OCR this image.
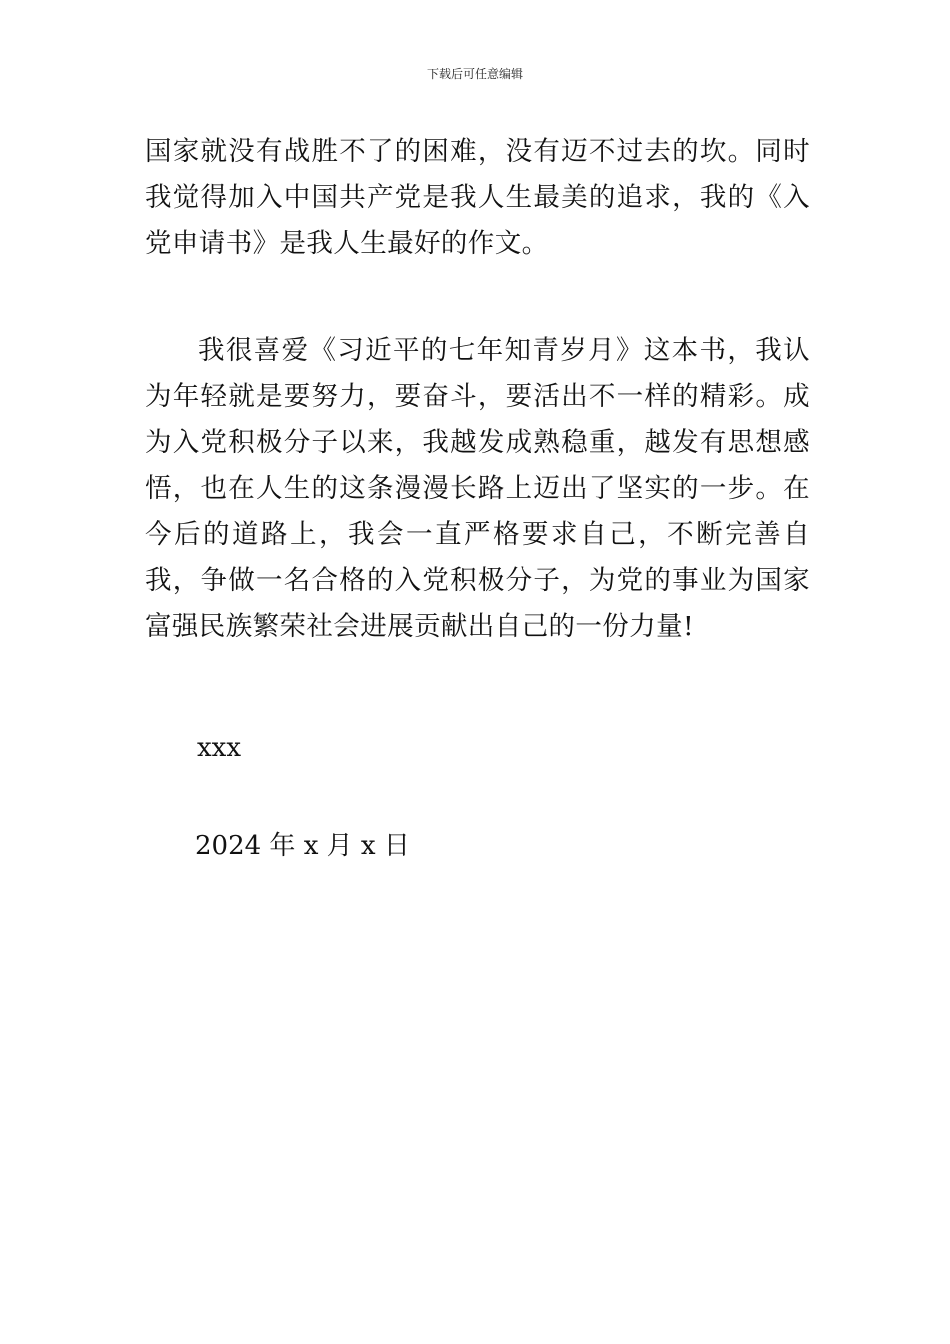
下载后可任意编辑

国家就没有战胜不了的困难，没有迈不过去的坎。同时我觉得加入中国共产党是我人生最美的追求，我的《入党申请书》是我人生最好的作文。

我很喜爱《习近平的七年知青岁月》这本书，我认为年轻就是要努力，要奋斗，要活出不一样的精彩。成为入党积极分子以来，我越发成熟稳重，越发有思想感悟，也在人生的这条漫漫长路上迈出了坚实的一步。在今后的道路上，我会一直严格要求自己，不断完善自我，争做一名合格的入党积极分子，为党的事业为国家富强民族繁荣社会进展贡献出自己的一份力量!

xxx

2024 年 x 月 x 日
